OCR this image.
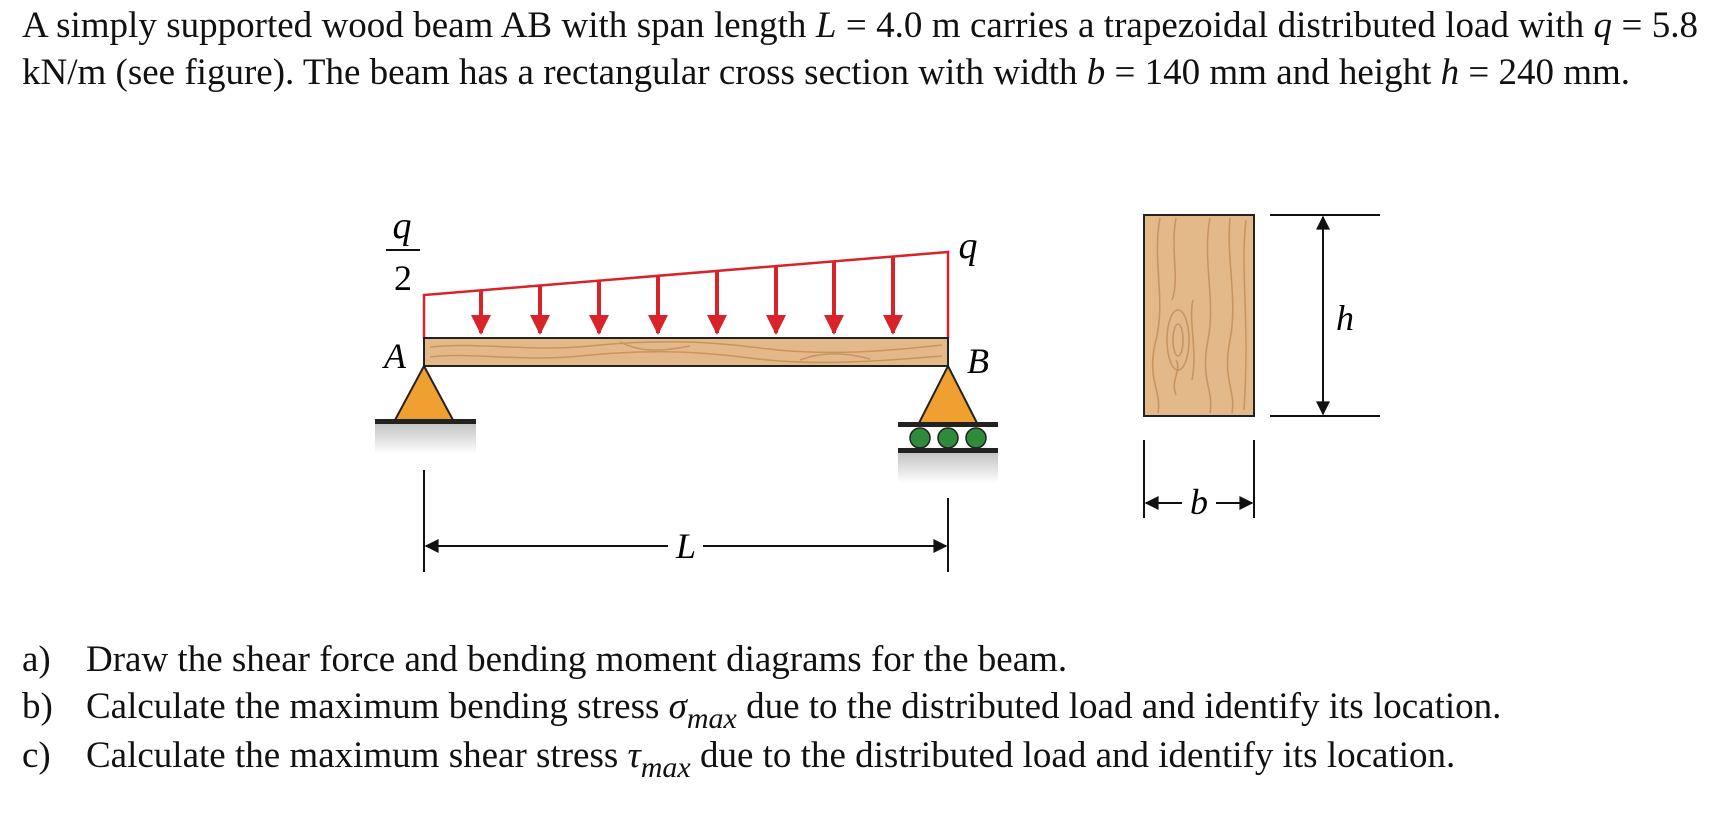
A simply supported wood beam AB with span length L = 4.0 m carries a trapezoidal distributed load with q = 5.8 kN/m (see figure). The beam has a rectangular cross section with width b = 140 mm and height h = 240 mm.
q
2
q
A	B
L
h
b
a) Draw the shear force and bending moment diagrams for the beam.
b) Calculate the maximum bending stress $\sigma_{max}$ due to the distributed load and identify its location.
c) Calculate the maximum shear stress $\tau_{max}$ due to the distributed load and identify its location.
